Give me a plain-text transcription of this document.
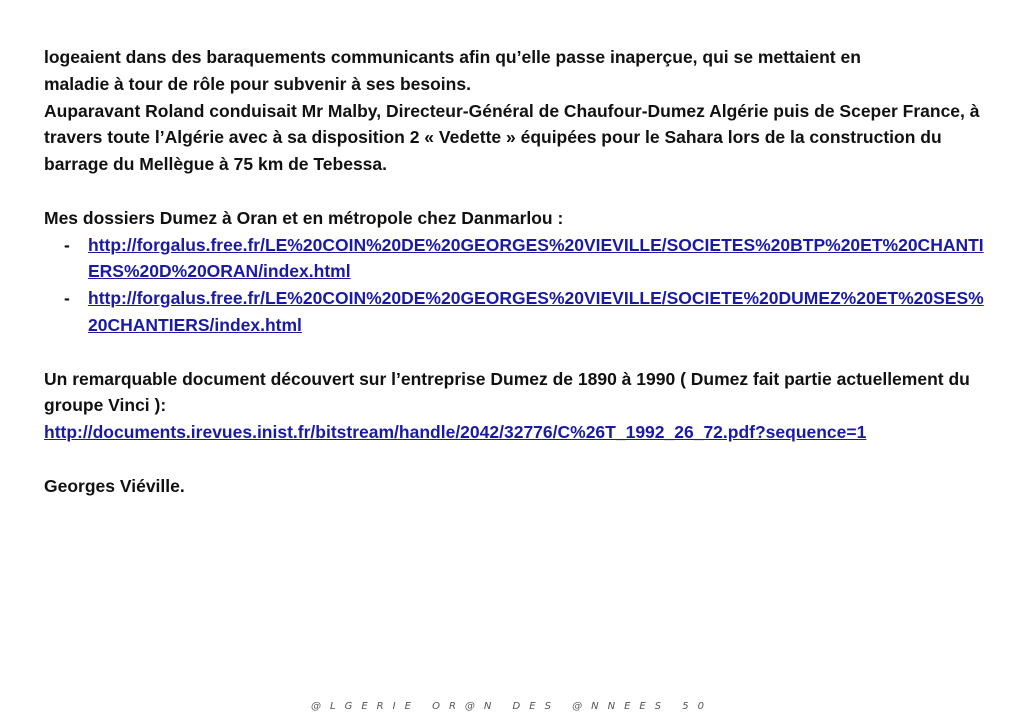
logeaient dans des baraquements communicants afin qu’elle passe inaperçue, qui se mettaient en

maladie à tour de rôle pour subvenir à ses besoins.

Auparavant Roland conduisait Mr Malby, Directeur-Général de Chaufour-Dumez Algérie puis de Sceper France, à travers toute l’Algérie avec à sa disposition 2 « Vedette » équipées pour le Sahara lors de la construction du barrage du Mellègue à 75 km de Tebessa.

Mes dossiers Dumez à Oran et en métropole chez Danmarlou :

- http://forgalus.free.fr/LE%20COIN%20DE%20GEORGES%20VIEVILLE/SOCIETES%20BTP%20ET%20CHANTIERS%20D%20ORAN/index.html
- http://forgalus.free.fr/LE%20COIN%20DE%20GEORGES%20VIEVILLE/SOCIETE%20DUMEZ%20ET%20SES%20CHANTIERS/index.html

Un remarquable document découvert sur l’entreprise Dumez de 1890 à 1990 ( Dumez fait partie actuellement du groupe Vinci ):

http://documents.irevues.inist.fr/bitstream/handle/2042/32776/C%26T_1992_26_72.pdf?sequence=1

Georges Viéville.

@LGERIE OR@N DES @NNEES 50
